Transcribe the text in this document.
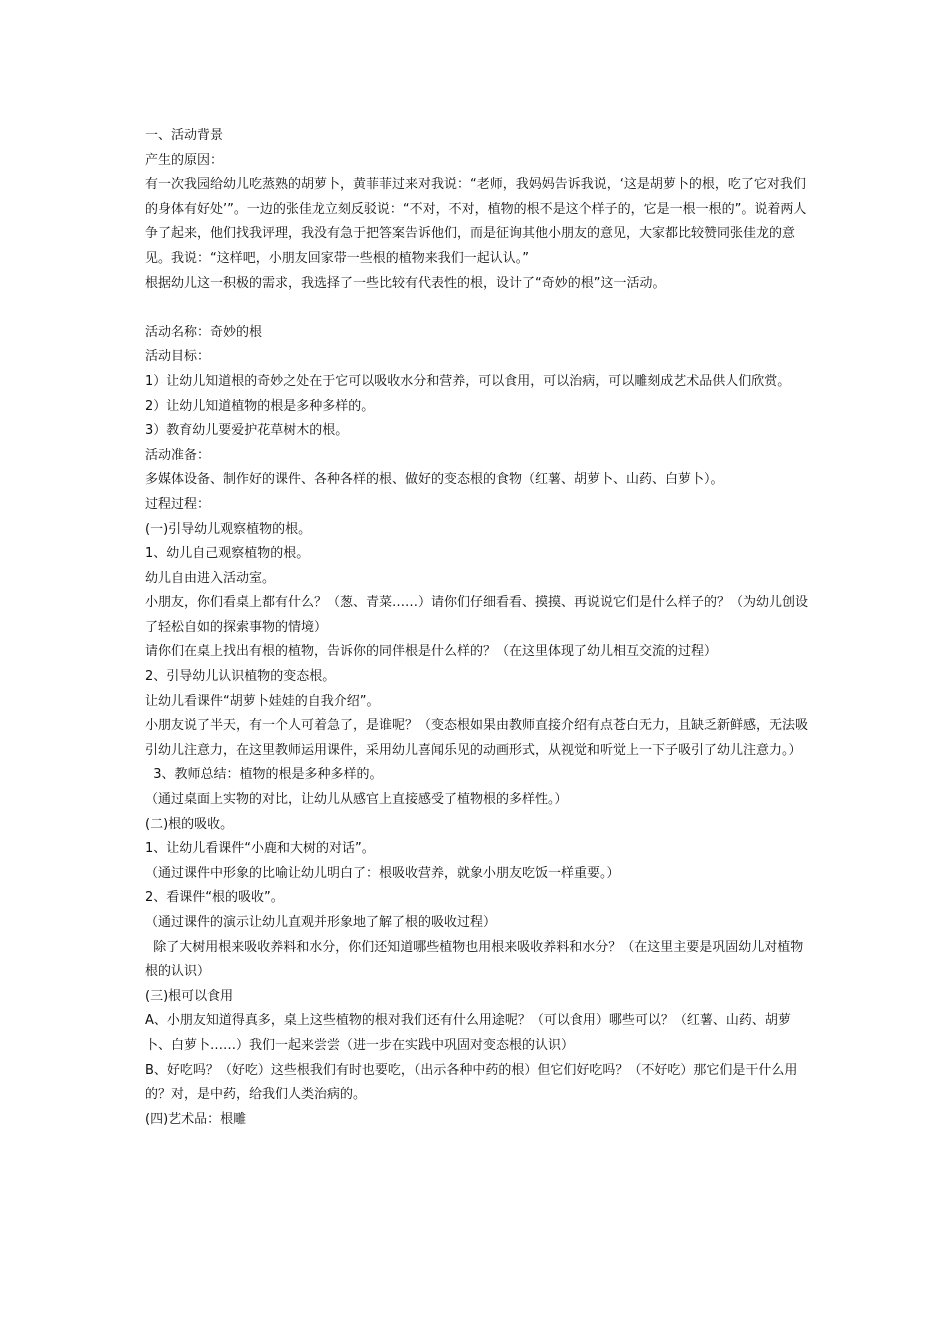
一、活动背景

产生的原因：

有一次我园给幼儿吃蒸熟的胡萝卜，黄菲菲过来对我说：“老师，我妈妈告诉我说，‘这是胡萝卜的根，吃了它对我们的身体有好处’”。一边的张佳龙立刻反驳说：“不对，不对，植物的根不是这个样子的，它是一根一根的”。说着两人争了起来，他们找我评理，我没有急于把答案告诉他们，而是征询其他小朋友的意见，大家都比较赞同张佳龙的意见。我说：“这样吧，小朋友回家带一些根的植物来我们一起认认。”

根据幼儿这一积极的需求，我选择了一些比较有代表性的根，设计了“奇妙的根”这一活动。

活动名称：奇妙的根

活动目标：

1）让幼儿知道根的奇妙之处在于它可以吸收水分和营养，可以食用，可以治病，可以雕刻成艺术品供人们欣赏。

2）让幼儿知道植物的根是多种多样的。

3）教育幼儿要爱护花草树木的根。

活动准备：

多媒体设备、制作好的课件、各种各样的根、做好的变态根的食物（红薯、胡萝卜、山药、白萝卜）。

过程过程：

(一)引导幼儿观察植物的根。

1、幼儿自己观察植物的根。

幼儿自由进入活动室。

小朋友，你们看桌上都有什么？（葱、青菜……）请你们仔细看看、摸摸、再说说它们是什么样子的？（为幼儿创设了轻松自如的探索事物的情境）

请你们在桌上找出有根的植物，告诉你的同伴根是什么样的？（在这里体现了幼儿相互交流的过程）

2、引导幼儿认识植物的变态根。

让幼儿看课件“胡萝卜娃娃的自我介绍”。

小朋友说了半天，有一个人可着急了，是谁呢？（变态根如果由教师直接介绍有点苍白无力，且缺乏新鲜感，无法吸引幼儿注意力，在这里教师运用课件，采用幼儿喜闻乐见的动画形式，从视觉和听觉上一下子吸引了幼儿注意力。）

3、教师总结：植物的根是多种多样的。

（通过桌面上实物的对比，让幼儿从感官上直接感受了植物根的多样性。）

(二)根的吸收。

1、让幼儿看课件“小鹿和大树的对话”。

（通过课件中形象的比喻让幼儿明白了：根吸收营养，就象小朋友吃饭一样重要。）

2、看课件“根的吸收”。

（通过课件的演示让幼儿直观并形象地了解了根的吸收过程）

除了大树用根来吸收养料和水分，你们还知道哪些植物也用根来吸收养料和水分？（在这里主要是巩固幼儿对植物根的认识）

(三)根可以食用

A、小朋友知道得真多，桌上这些植物的根对我们还有什么用途呢？（可以食用）哪些可以？（红薯、山药、胡萝卜、白萝卜……）我们一起来尝尝（进一步在实践中巩固对变态根的认识）

B、好吃吗？（好吃）这些根我们有时也要吃，（出示各种中药的根）但它们好吃吗？（不好吃）那它们是干什么用的？对，是中药，给我们人类治病的。

(四)艺术品：根雕
